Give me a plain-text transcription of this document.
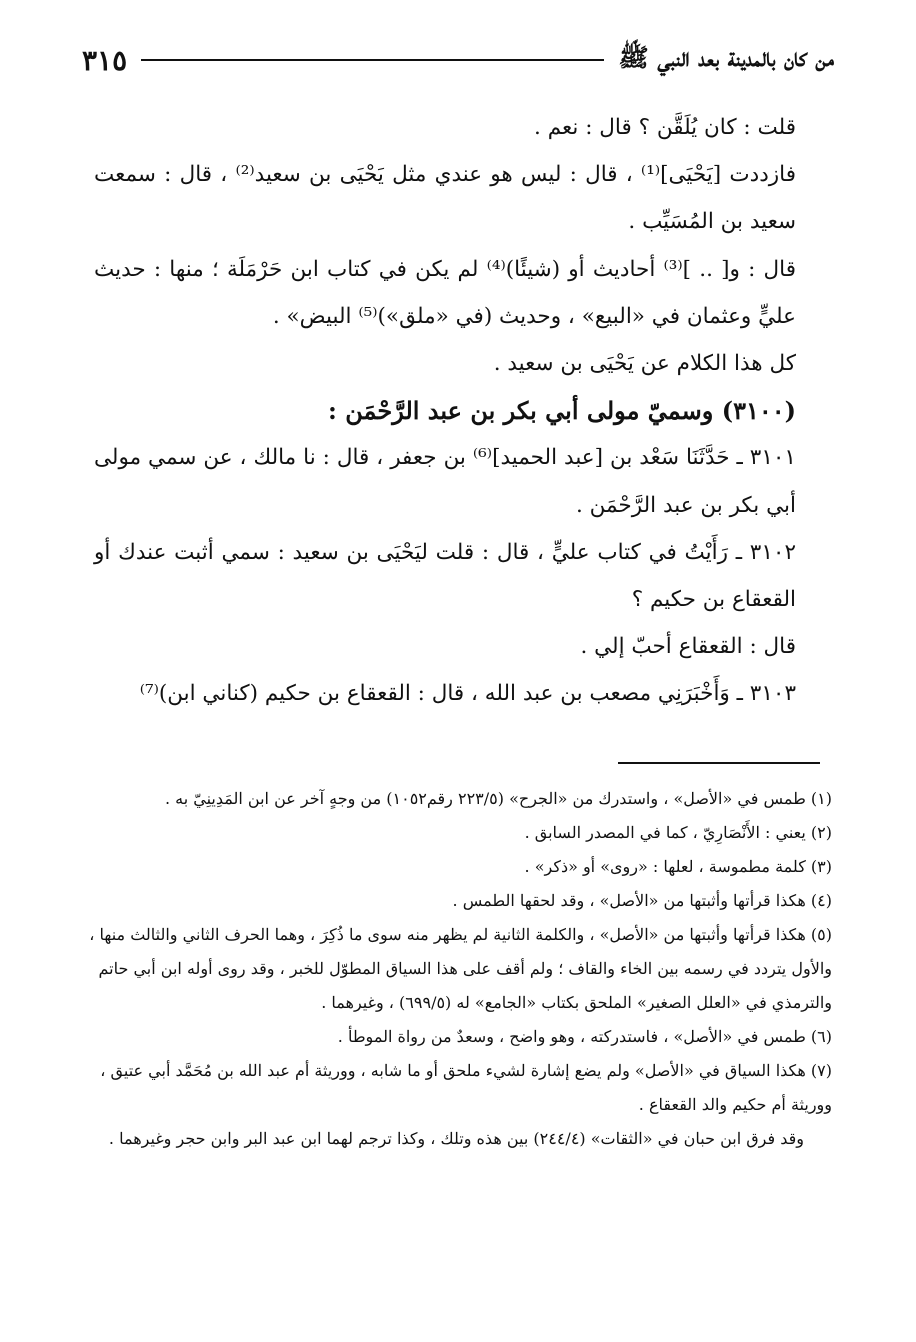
من كان بالمدينة بعد النبي ﷺ
٣١٥

قلت : كان يُلَقَّن ؟ قال : نعم .

فازددت [يَحْيَى]⁽¹⁾ ، قال : ليس هو عندي مثل يَحْيَى بن سعيد⁽²⁾ ، قال : سمعت سعيد بن المُسَيِّب .

قال : و[ .. ]⁽³⁾ أحاديث أو (شيئًا)⁽⁴⁾ لم يكن في كتاب ابن حَرْمَلَة ؛ منها : حديث عليٍّ وعثمان في «البيع» ، وحديث (في «ملق»)⁽⁵⁾ البيض» .

كل هذا الكلام عن يَحْيَى بن سعيد .

(٣١٠٠) وسميّ مولى أبي بكر بن عبد الرَّحْمَن :

٣١٠١ ـ حَدَّثَنَا سَعْد بن [عبد الحميد]⁽⁶⁾ بن جعفر ، قال : نا مالك ، عن سمي مولى أبي بكر بن عبد الرَّحْمَن .

٣١٠٢ ـ رَأَيْتُ في كتاب عليٍّ ، قال : قلت ليَحْيَى بن سعيد : سمي أثبت عندك أو القعقاع بن حكيم ؟

قال : القعقاع أحبّ إلي .

٣١٠٣ ـ وَأَخْبَرَنِي مصعب بن عبد الله ، قال : القعقاع بن حكيم (كناني ابن)⁽⁷⁾

(١) طمس في «الأصل» ، واستدرك من «الجرح» (٢٢٣/٥ رقم١٠٥٢) من وجهٍ آخر عن ابن المَدِينِيّ به .

(٢) يعني : الأَنْصَارِيّ ، كما في المصدر السابق .

(٣) كلمة مطموسة ، لعلها : «روى» أو «ذكر» .

(٤) هكذا قرأتها وأثبتها من «الأصل» ، وقد لحقها الطمس .

(٥) هكذا قرأتها وأثبتها من «الأصل» ، والكلمة الثانية لم يظهر منه سوى ما ذُكِرَ ، وهما الحرف الثاني والثالث منها ، والأول يتردد في رسمه بين الخاء والقاف ؛ ولم أقف على هذا السياق المطوّل للخبر ، وقد روى أوله ابن أبي حاتم والترمذي في «العلل الصغير» الملحق بكتاب «الجامع» له (٦٩٩/٥) ، وغيرهما .

(٦) طمس في «الأصل» ، فاستدركته ، وهو واضح ، وسعدٌ من رواة الموطأ .

(٧) هكذا السياق في «الأصل» ولم يضع إشارة لشيء ملحق أو ما شابه ، ووريثة أم عبد الله بن مُحَمَّد أبي عتيق ، ووريثة أم حكيم والد القعقاع .

وقد فرق ابن حبان في «الثقات» (٢٤٤/٤) بين هذه وتلك ، وكذا ترجم لهما ابن عبد البر وابن حجر وغيرهما .
